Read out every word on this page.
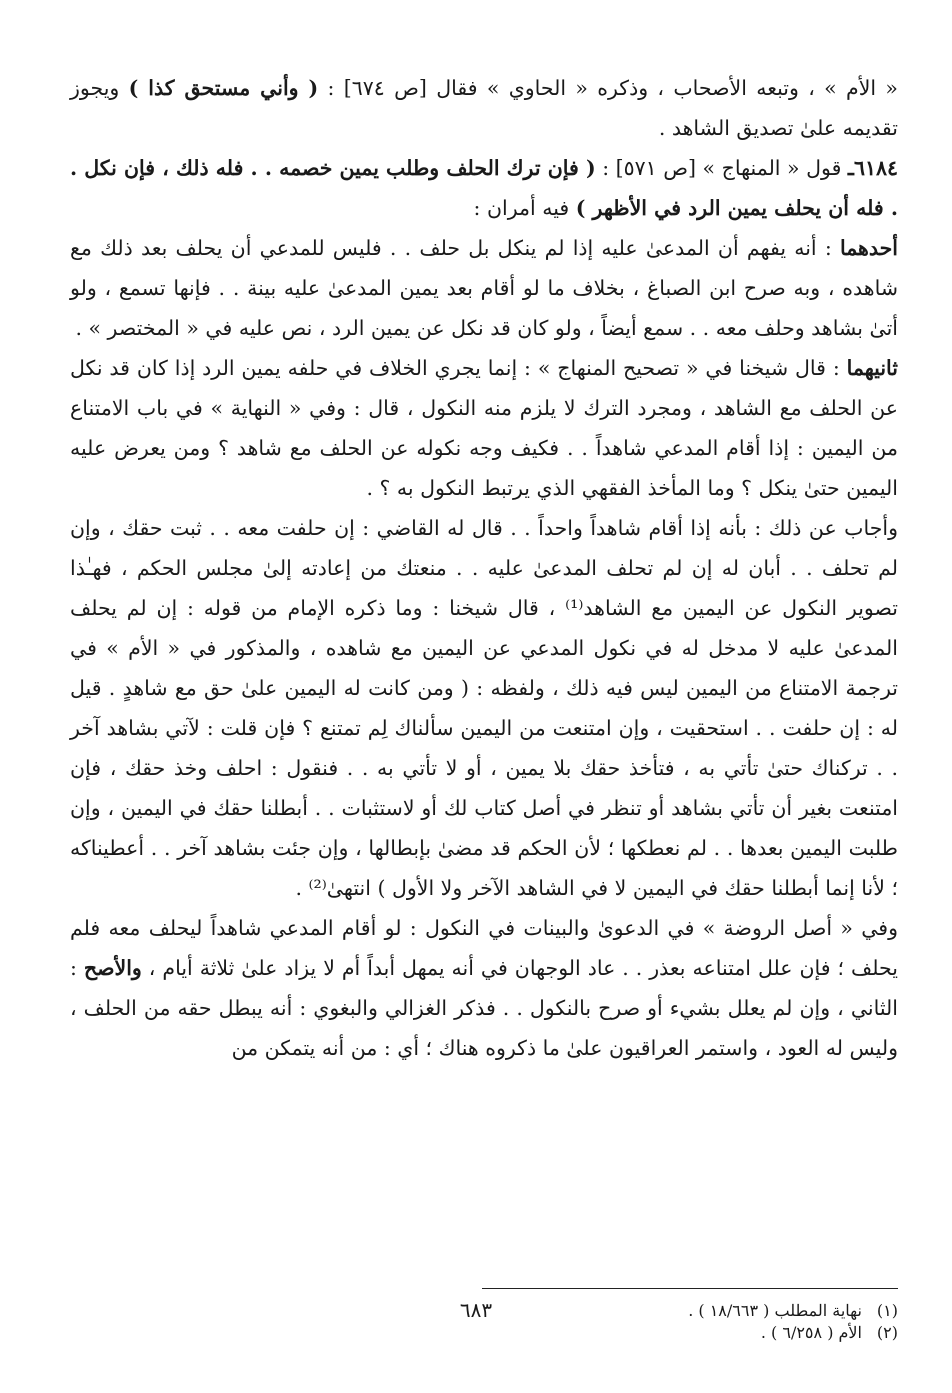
« الأم » ، وتبعه الأصحاب ، وذكره « الحاوي » فقال [ص ٦٧٤] : ( وأني مستحق كذا ) ويجوز تقديمه علىٰ تصديق الشاهد .

٦١٨٤ـ قول « المنهاج » [ص ٥٧١] : ( فإن ترك الحلف وطلب يمين خصمه . . فله ذلك ، فإن نكل . . فله أن يحلف يمين الرد في الأظهر ) فيه أمران :

أحدهما : أنه يفهم أن المدعىٰ عليه إذا لم ينكل بل حلف . . فليس للمدعي أن يحلف بعد ذلك مع شاهده ، وبه صرح ابن الصباغ ، بخلاف ما لو أقام بعد يمين المدعىٰ عليه بينة . . فإنها تسمع ، ولو أتىٰ بشاهد وحلف معه . . سمع أيضاً ، ولو كان قد نكل عن يمين الرد ، نص عليه في « المختصر » .

ثانيهما : قال شيخنا في « تصحيح المنهاج » : إنما يجري الخلاف في حلفه يمين الرد إذا كان قد نكل عن الحلف مع الشاهد ، ومجرد الترك لا يلزم منه النكول ، قال : وفي « النهاية » في باب الامتناع من اليمين : إذا أقام المدعي شاهداً . . فكيف وجه نكوله عن الحلف مع شاهد ؟ ومن يعرض عليه اليمين حتىٰ ينكل ؟ وما المأخذ الفقهي الذي يرتبط النكول به ؟ .

وأجاب عن ذلك : بأنه إذا أقام شاهداً واحداً . . قال له القاضي : إن حلفت معه . . ثبت حقك ، وإن لم تحلف . . أبان له إن لم تحلف المدعىٰ عليه . . منعتك من إعادته إلىٰ مجلس الحكم ، فهـٰذا تصوير النكول عن اليمين مع الشاهد⁽¹⁾ ، قال شيخنا : وما ذكره الإمام من قوله : إن لم يحلف المدعىٰ عليه لا مدخل له في نكول المدعي عن اليمين مع شاهده ، والمذكور في « الأم » في ترجمة الامتناع من اليمين ليس فيه ذلك ، ولفظه : ( ومن كانت له اليمين علىٰ حق مع شاهدٍ . قيل له : إن حلفت . . استحقيت ، وإن امتنعت من اليمين سألناك لِم تمتنع ؟ فإن قلت : لآتي بشاهد آخر . . تركناك حتىٰ تأتي به ، فتأخذ حقك بلا يمين ، أو لا تأتي به . . فنقول : احلف وخذ حقك ، فإن امتنعت بغير أن تأتي بشاهد أو تنظر في أصل كتاب لك أو لاستثبات . . أبطلنا حقك في اليمين ، وإن طلبت اليمين بعدها . . لم نعطكها ؛ لأن الحكم قد مضىٰ بإبطالها ، وإن جئت بشاهد آخر . . أعطيناكه ؛ لأنا إنما أبطلنا حقك في اليمين لا في الشاهد الآخر ولا الأول ) انتهىٰ⁽²⁾ .

وفي « أصل الروضة » في الدعوىٰ والبينات في النكول : لو أقام المدعي شاهداً ليحلف معه فلم يحلف ؛ فإن علل امتناعه بعذر . . عاد الوجهان في أنه يمهل أبداً أم لا يزاد علىٰ ثلاثة أيام ، والأصح : الثاني ، وإن لم يعلل بشيء أو صرح بالنكول . . فذكر الغزالي والبغوي : أنه يبطل حقه من الحلف ، وليس له العود ، واستمر العراقيون علىٰ ما ذكروه هناك ؛ أي : من أنه يتمكن من

(١)
نهاية المطلب ( ١٨/٦٦٣ ) .
(٢)
الأم ( ٦/٢٥٨ ) .
٦٨٣
